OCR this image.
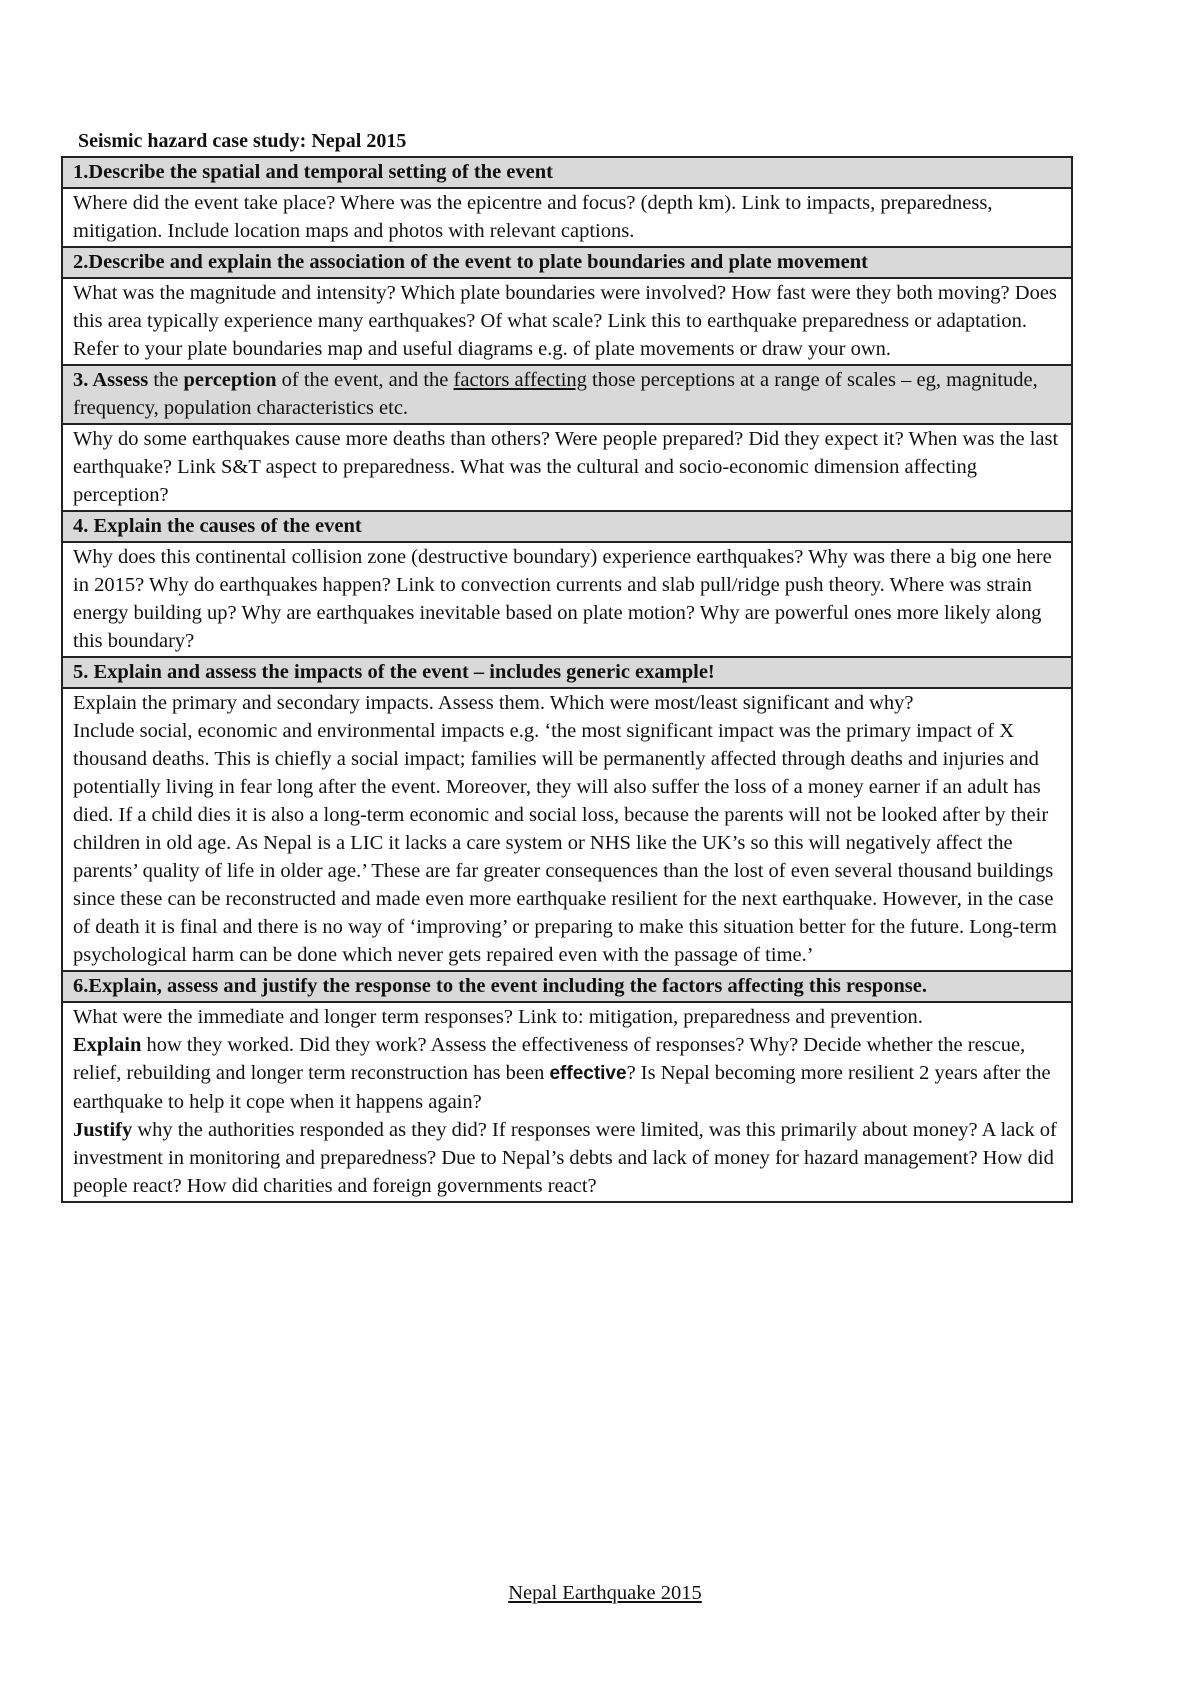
Seismic hazard case study: Nepal 2015
1.Describe the spatial and temporal setting of the event
Where did the event take place? Where was the epicentre and focus? (depth km). Link to impacts, preparedness, mitigation. Include location maps and photos with relevant captions.
2.Describe and explain the association of the event to plate boundaries and plate movement
What was the magnitude and intensity? Which plate boundaries were involved? How fast were they both moving? Does this area typically experience many earthquakes? Of what scale? Link this to earthquake preparedness or adaptation. Refer to your plate boundaries map and useful diagrams e.g. of plate movements or draw your own.
3. Assess the perception of the event, and the factors affecting those perceptions at a range of scales – eg, magnitude, frequency, population characteristics etc.
Why do some earthquakes cause more deaths than others? Were people prepared? Did they expect it? When was the last earthquake? Link S&T aspect to preparedness. What was the cultural and socio-economic dimension affecting perception?
4. Explain the causes of the event
Why does this continental collision zone (destructive boundary) experience earthquakes? Why was there a big one here in 2015? Why do earthquakes happen? Link to convection currents and slab pull/ridge push theory. Where was strain energy building up? Why are earthquakes inevitable based on plate motion? Why are powerful ones more likely along this boundary?
5. Explain and assess the impacts of the event – includes generic example!

Explain the primary and secondary impacts. Assess them. Which were most/least significant and why?
Include social, economic and environmental impacts e.g. ‘the most significant impact was the primary impact of X thousand deaths. This is chiefly a social impact; families will be permanently affected through deaths and injuries and potentially living in fear long after the event. Moreover, they will also suffer the loss of a money earner if an adult has died. If a child dies it is also a long-term economic and social loss, because the parents will not be looked after by their children in old age. As Nepal is a LIC it lacks a care system or NHS like the UK’s so this will negatively affect the parents’ quality of life in older age.’ These are far greater consequences than the lost of even several thousand buildings since these can be reconstructed and made even more earthquake resilient for the next earthquake. However, in the case of death it is final and there is no way of ‘improving’ or preparing to make this situation better for the future. Long-term psychological harm can be done which never gets repaired even with the passage of time.’

6.Explain, assess and justify the response to the event including the factors affecting this response.

What were the immediate and longer term responses? Link to: mitigation, preparedness and prevention.
Explain how they worked. Did they work? Assess the effectiveness of responses? Why? Decide whether the rescue, relief, rebuilding and longer term reconstruction has been effective? Is Nepal becoming more resilient 2 years after the earthquake to help it cope when it happens again?
Justify why the authorities responded as they did? If responses were limited, was this primarily about money? A lack of investment in monitoring and preparedness? Due to Nepal’s debts and lack of money for hazard management? How did people react? How did charities and foreign governments react?
Nepal Earthquake 2015
